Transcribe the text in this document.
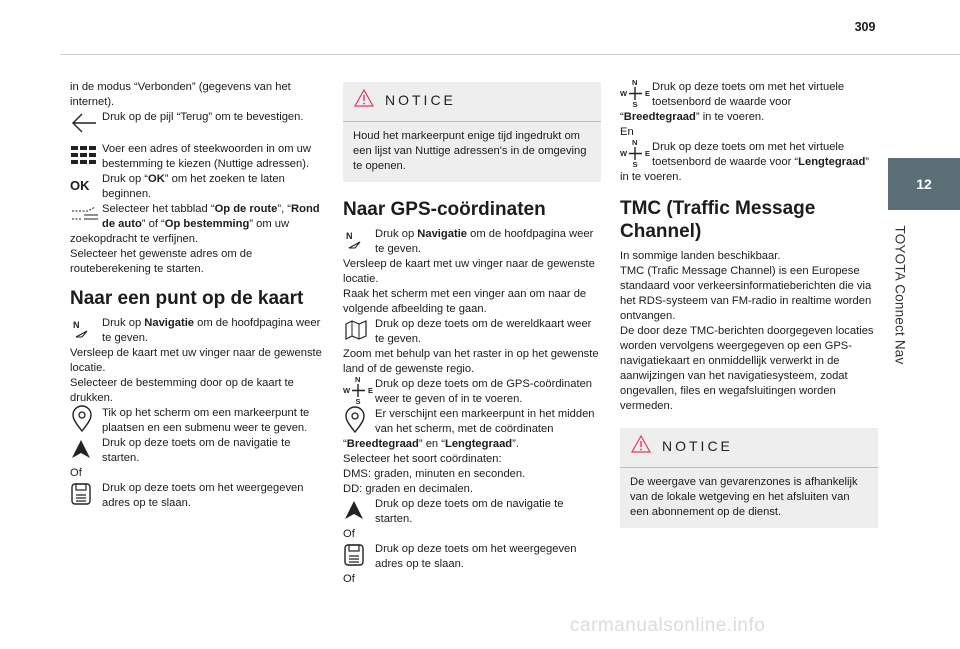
309
12
TOYOTA Connect Nav
carmanualsonline.info

in de modus “Verbonden” (gegevens van het internet).

Druk op de pijl “Terug” om te bevestigen.

Voer een adres of steekwoorden in om uw bestemming te kiezen (Nuttige adressen).

OK Druk op “OK” om het zoeken te laten beginnen.

Selecteer het tabblad “Op de route”, “Rond de auto” of “Op bestemming” om uw

zoekopdracht te verfijnen.

Selecteer het gewenste adres om de routeberekening te starten.

Naar een punt op de kaart
N Druk op Navigatie om de hoofdpagina weer te geven.

Versleep de kaart met uw vinger naar de gewenste locatie.

Selecteer de bestemming door op de kaart te drukken.

Tik op het scherm om een markeerpunt te plaatsen en een submenu weer te geven.

Druk op deze toets om de navigatie te starten.

Of

Druk op deze toets om het weergegeven adres op te slaan.

NOTICE

Houd het markeerpunt enige tijd ingedrukt om een lijst van Nuttige adressen's in de omgeving te openen.

Naar GPS-coördinaten
N Druk op Navigatie om de hoofdpagina weer te geven.

Versleep de kaart met uw vinger naar de gewenste locatie.

Raak het scherm met een vinger aan om naar de volgende afbeelding te gaan.

Druk op deze toets om de wereldkaart weer te geven.

Zoom met behulp van het raster in op het gewenste land of de gewenste regio.

N
S
W E

Druk op deze toets om de GPS-coördinaten weer te geven of in te voeren.

Er verschijnt een markeerpunt in het midden van het scherm, met de coördinaten

“Breedtegraad” en “Lengtegraad”.

Selecteer het soort coördinaten:

DMS: graden, minuten en seconden.

DD: graden en decimalen.

Druk op deze toets om de navigatie te starten.

Of

Druk op deze toets om het weergegeven adres op te slaan.

Of

N
S
W E

Druk op deze toets om met het virtuele toetsenbord de waarde voor

“Breedtegraad” in te voeren.

En

N
S
W E

Druk op deze toets om met het virtuele toetsenbord de waarde voor “Lengtegraad”

in te voeren.

TMC (Traffic Message Channel)

In sommige landen beschikbaar.

TMC (Trafic Message Channel) is een Europese standaard voor verkeersinformatieberichten die via het RDS-systeem van FM-radio in realtime worden ontvangen.

De door deze TMC-berichten doorgegeven locaties worden vervolgens weergegeven op een GPS-navigatiekaart en onmiddellijk verwerkt in de aanwijzingen van het navigatiesysteem, zodat ongevallen, files en wegafsluitingen worden vermeden.

NOTICE

De weergave van gevarenzones is afhankelijk van de lokale wetgeving en het afsluiten van een abonnement op de dienst.
